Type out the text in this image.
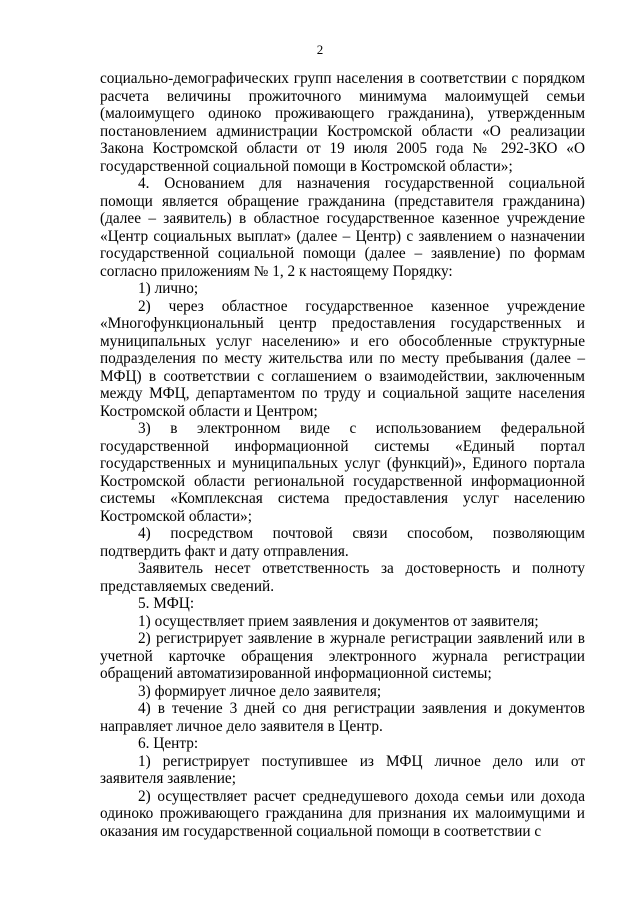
2

социально-демографических групп населения в соответствии с порядком расчета величины прожиточного минимума малоимущей семьи (малоимущего одиноко проживающего гражданина), утвержденным постановлением администрации Костромской области «О реализации Закона Костромской области от 19 июля 2005 года № 292-ЗКО «О государственной социальной помощи в Костромской области»;

4. Основанием для назначения государственной социальной помощи является обращение гражданина (представителя гражданина) (далее – заявитель) в областное государственное казенное учреждение «Центр социальных выплат» (далее – Центр) с заявлением о назначении государственной социальной помощи (далее – заявление) по формам согласно приложениям № 1, 2 к настоящему Порядку:

1) лично;

2) через областное государственное казенное учреждение «Многофункциональный центр предоставления государственных и муниципальных услуг населению» и его обособленные структурные подразделения по месту жительства или по месту пребывания (далее – МФЦ) в соответствии с соглашением о взаимодействии, заключенным между МФЦ, департаментом по труду и социальной защите населения Костромской области и Центром;

3) в электронном виде с использованием федеральной государственной информационной системы «Единый портал государственных и муниципальных услуг (функций)», Единого портала Костромской области региональной государственной информационной системы «Комплексная система предоставления услуг населению Костромской области»;

4) посредством почтовой связи способом, позволяющим подтвердить факт и дату отправления.

Заявитель несет ответственность за достоверность и полноту представляемых сведений.

5. МФЦ:

1) осуществляет прием заявления и документов от заявителя;

2) регистрирует заявление в журнале регистрации заявлений или в учетной карточке обращения электронного журнала регистрации обращений автоматизированной информационной системы;

3) формирует личное дело заявителя;

4) в течение 3 дней со дня регистрации заявления и документов направляет личное дело заявителя в Центр.

6. Центр:

1) регистрирует поступившее из МФЦ личное дело или от заявителя заявление;

2) осуществляет расчет среднедушевого дохода семьи или дохода одиноко проживающего гражданина для признания их малоимущими и оказания им государственной социальной помощи в соответствии с
